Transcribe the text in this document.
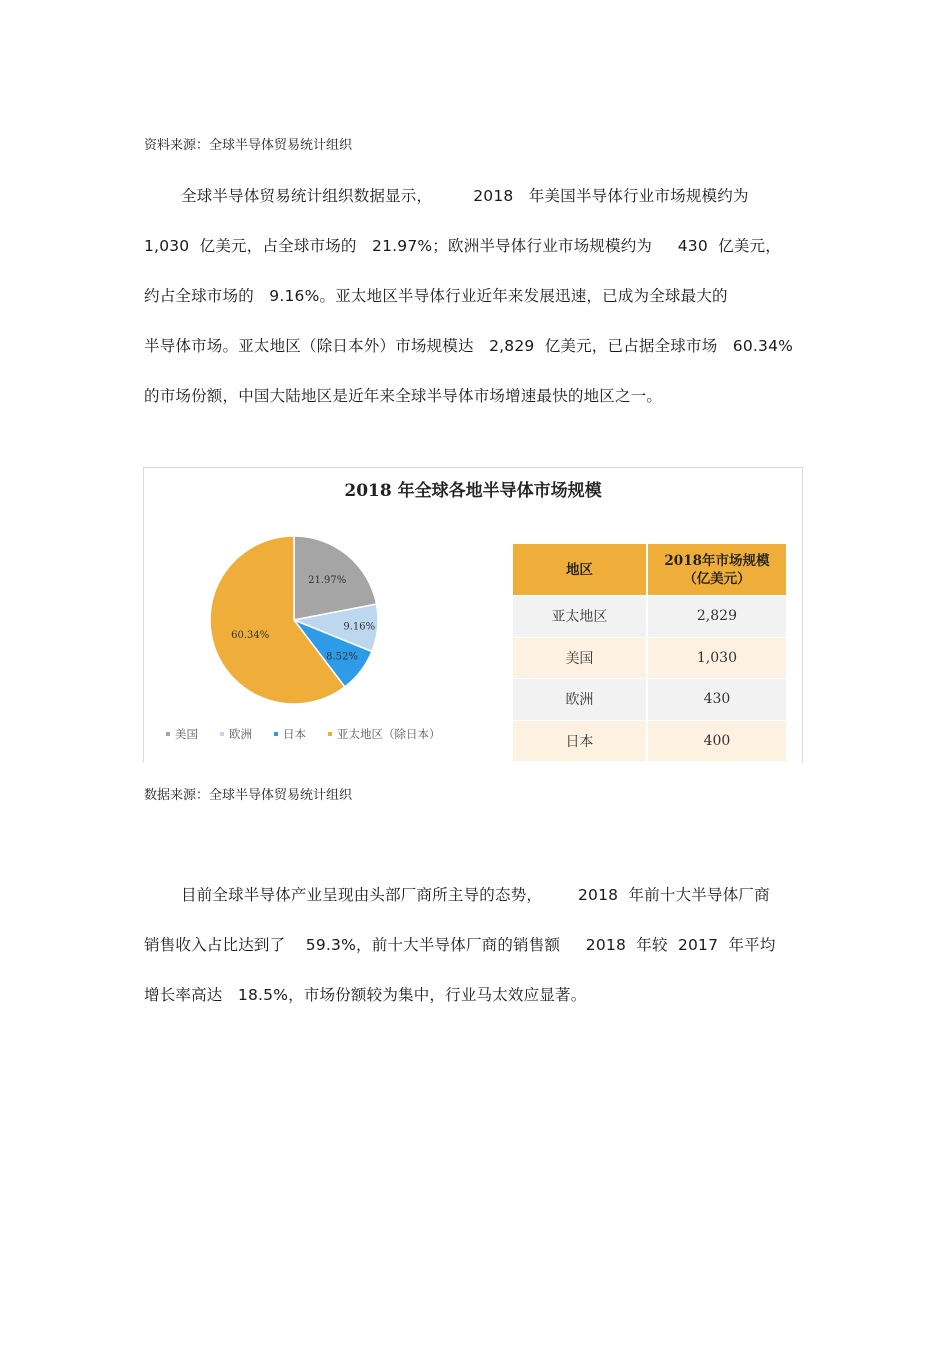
资料来源：全球半导体贸易统计组织
全球半导体贸易统计组织数据显示，        2018   年美国半导体行业市场规模约为
1,030  亿美元，占全球市场的   21.97%；欧洲半导体行业市场规模约为     430  亿美元，
约占全球市场的   9.16%。亚太地区半导体行业近年来发展迅速，已成为全球最大的
半导体市场。亚太地区（除日本外）市场规模达   2,829  亿美元，已占据全球市场   60.34%
的市场份额，中国大陆地区是近年来全球半导体市场增速最快的地区之一。
2018 年全球各地半导体市场规模
21.97%
9.16%
8.52%
60.34%
美国	欧洲	日本	亚太地区（除日本）
地区	2018年市场规模
（亿美元）
亚太地区	2,829
美国	1,030
欧洲	430
日本	400
数据来源：全球半导体贸易统计组织
目前全球半导体产业呈现由头部厂商所主导的态势，       2018  年前十大半导体厂商
销售收入占比达到了    59.3%，前十大半导体厂商的销售额     2018  年较  2017  年平均
增长率高达   18.5%，市场份额较为集中，行业马太效应显著。
